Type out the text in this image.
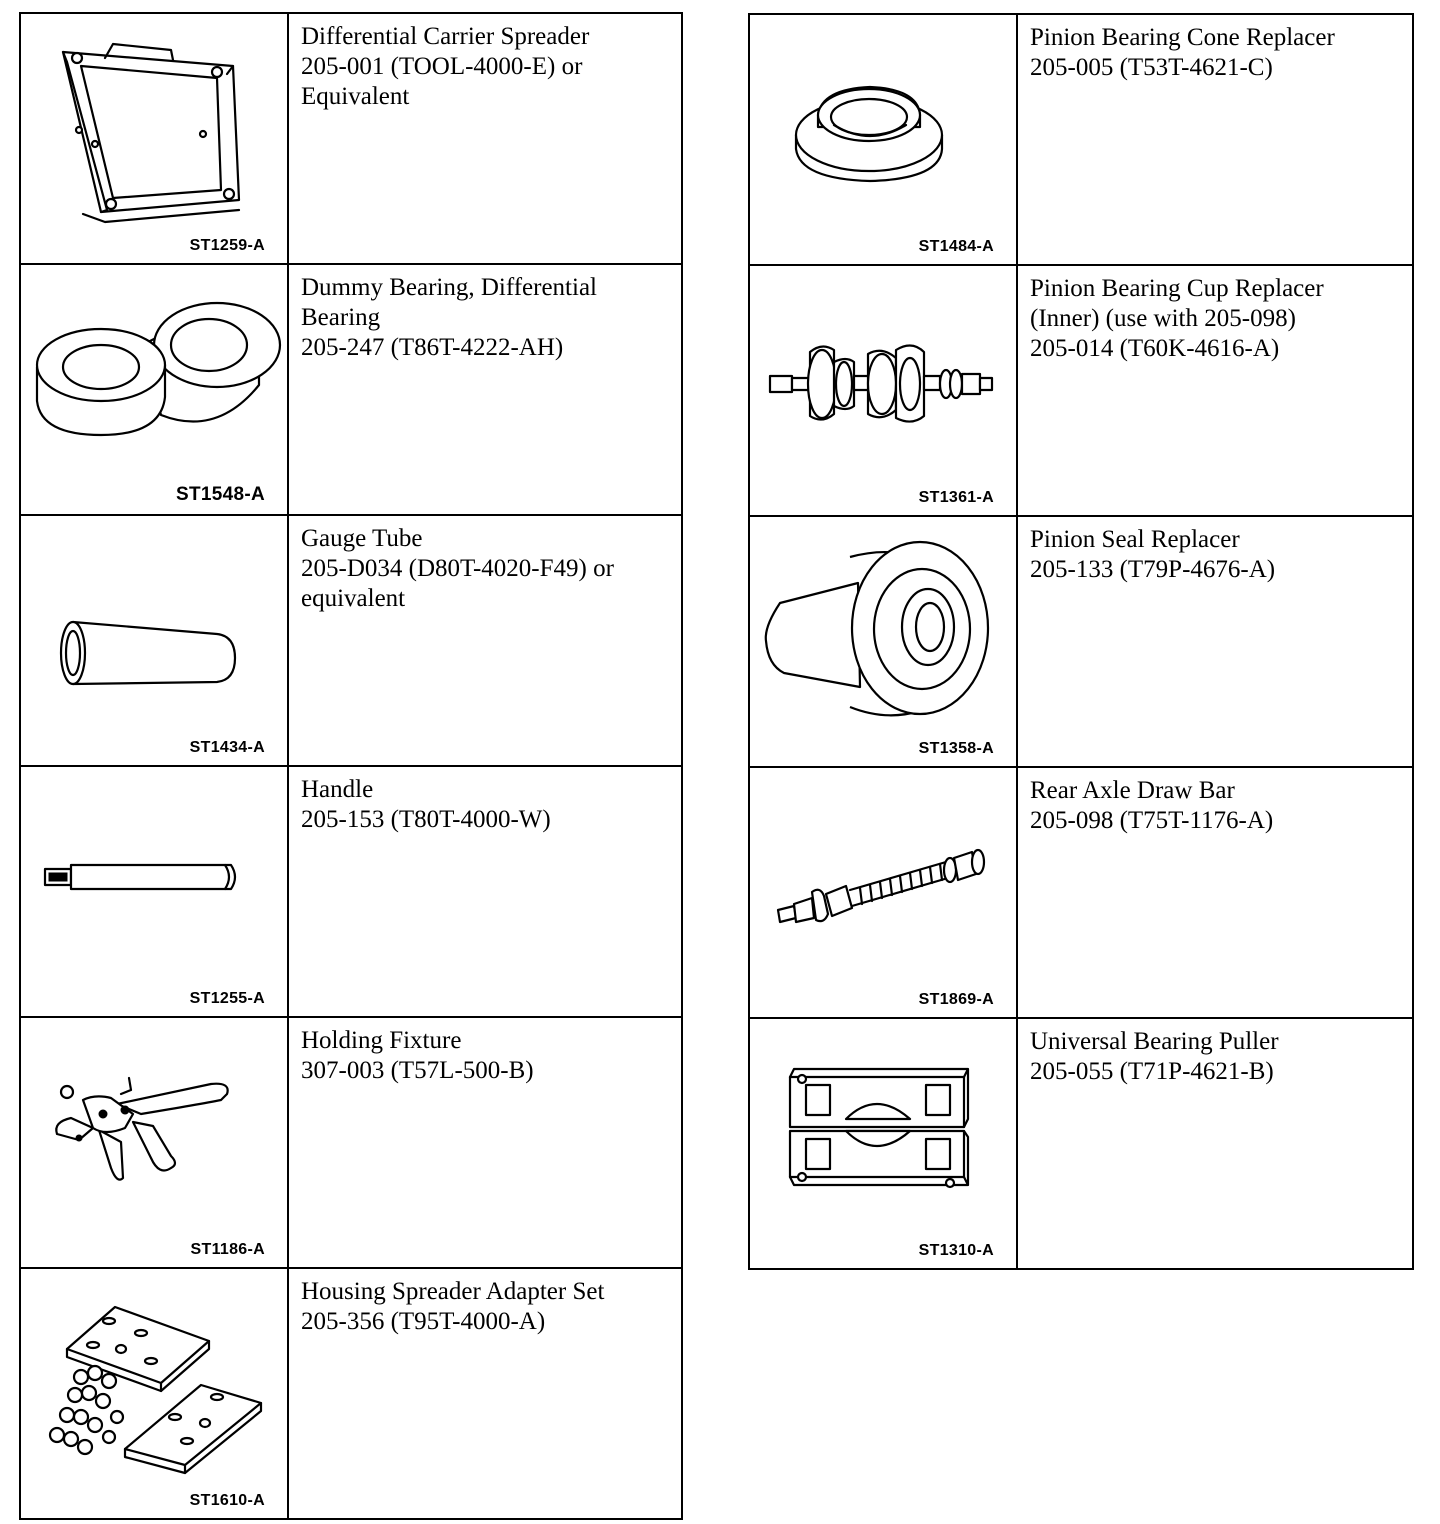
ST1259-A	Differential Carrier Spreader
205-001 (TOOL-4000-E) or
Equivalent

ST1548-A	Dummy Bearing, Differential
Bearing
205-247 (T86T-4222-AH)

ST1434-A	Gauge Tube
205-D034 (D80T-4020-F49) or
equivalent

ST1255-A	Handle
205-153 (T80T-4000-W)

ST1186-A	Holding Fixture
307-003 (T57L-500-B)

ST1610-A	Housing Spreader Adapter Set
205-356 (T95T-4000-A)
ST1484-A	Pinion Bearing Cone Replacer
205-005 (T53T-4621-C)

ST1361-A	Pinion Bearing Cup Replacer
(Inner) (use with 205-098)
205-014 (T60K-4616-A)

ST1358-A	Pinion Seal Replacer
205-133 (T79P-4676-A)

ST1869-A	Rear Axle Draw Bar
205-098 (T75T-1176-A)

ST1310-A	Universal Bearing Puller
205-055 (T71P-4621-B)
